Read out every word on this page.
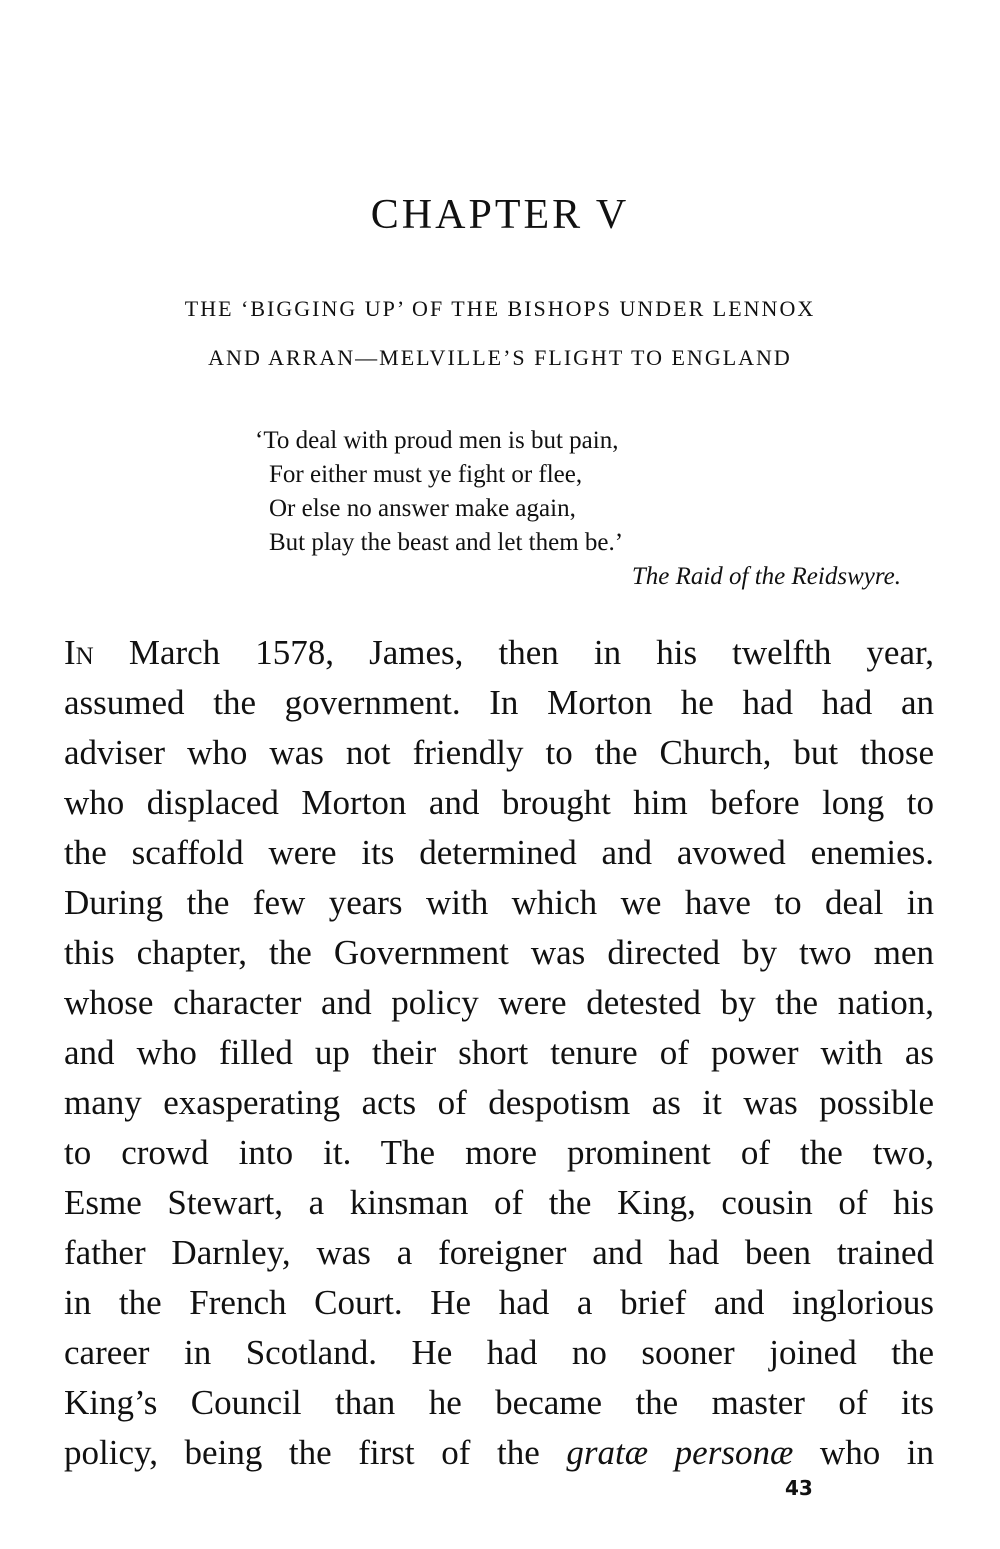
CHAPTER V
THE ‘BIGGING UP’ OF THE BISHOPS UNDER LENNOX
AND ARRAN—MELVILLE’S FLIGHT TO ENGLAND
‘To deal with proud men is but pain,
For either must ye fight or flee,
Or else no answer make again,
But play the beast and let them be.’
The Raid of the Reidswyre.
In March 1578, James, then in his twelfth year,
assumed the government. In Morton he had had an
adviser who was not friendly to the Church, but those
who displaced Morton and brought him before long to
the scaffold were its determined and avowed enemies.
During the few years with which we have to deal in
this chapter, the Government was directed by two men
whose character and policy were detested by the nation,
and who filled up their short tenure of power with as
many exasperating acts of despotism as it was possible
to crowd into it. The more prominent of the two,
Esme Stewart, a kinsman of the King, cousin of his
father Darnley, was a foreigner and had been trained
in the French Court. He had a brief and inglorious
career in Scotland. He had no sooner joined the
King’s Council than he became the master of its
policy, being the first of the gratæ personæ who in
43
